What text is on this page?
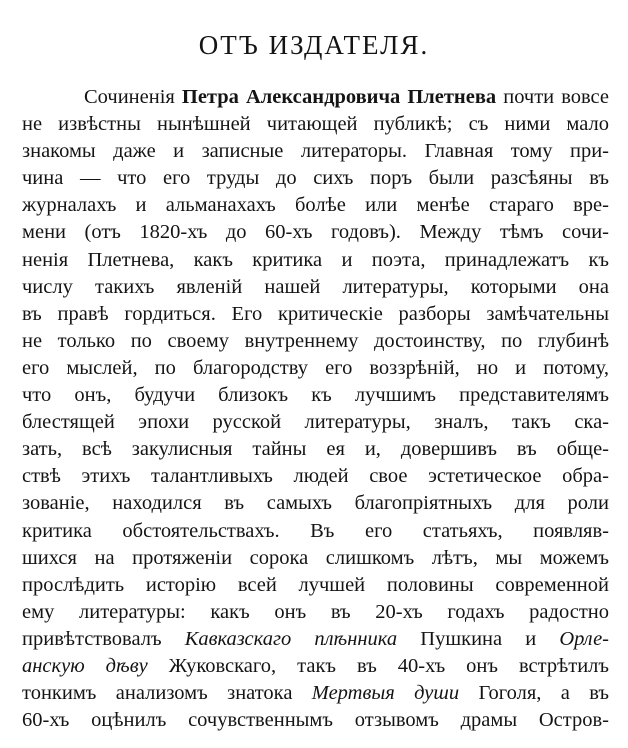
ОТЪ ИЗДАТЕЛЯ.
Сочиненія Петра Александровича Плетнева почти вовсе
не извѣстны нынѣшней читающей публикѣ; съ ними мало
знакомы даже и записные литераторы. Главная тому при-
чина — что его труды до сихъ поръ были разсѣяны въ
журналахъ и альманахахъ болѣе или менѣе стараго вре-
мени (отъ 1820-хъ до 60-хъ годовъ). Между тѣмъ сочи-
ненія Плетнева, какъ критика и поэта, принадлежатъ къ
числу такихъ явленій нашей литературы, которыми она
въ правѣ гордиться. Его критическіе разборы замѣчательны
не только по своему внутреннему достоинству, по глубинѣ
его мыслей, по благородству его воззрѣній, но и потому,
что онъ, будучи близокъ къ лучшимъ представителямъ
блестящей эпохи русской литературы, зналъ, такъ ска-
зать, всѣ закулисныя тайны ея и, довершивъ въ обще-
ствѣ этихъ талантливыхъ людей свое эстетическое обра-
зованіе, находился въ самыхъ благопріятныхъ для роли
критика обстоятельствахъ. Въ его статьяхъ, появляв-
шихся на протяженіи сорока слишкомъ лѣтъ, мы можемъ
прослѣдить исторію всей лучшей половины современной
ему литературы: какъ онъ въ 20-хъ годахъ радостно
привѣтствовалъ Кавказскаго плѣнника Пушкина и Орле-
анскую дѣву Жуковскаго, такъ въ 40-хъ онъ встрѣтилъ
тонкимъ анализомъ знатока Мертвыя души Гоголя, а въ
60-хъ оцѣнилъ сочувственнымъ отзывомъ драмы Остров-
